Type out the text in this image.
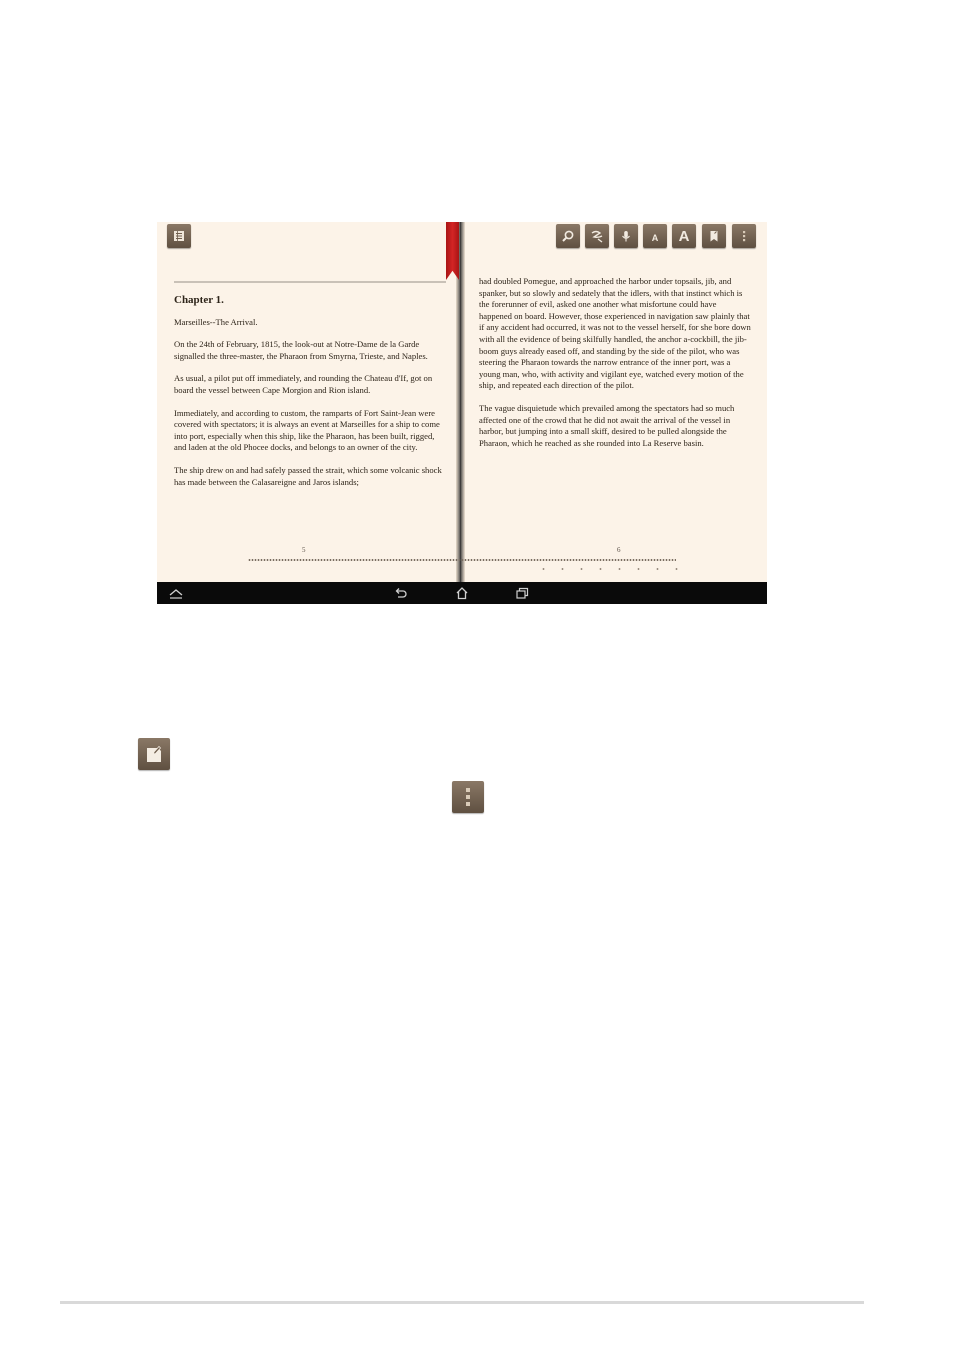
Chapter 1.

Marseilles--The Arrival.

On the 24th of February, 1815, the look-out at Notre-Dame de la Garde signalled the three-master, the Pharaon from Smyrna, Trieste, and Naples.

As usual, a pilot put off immediately, and rounding the Chateau d'If, got on board the vessel between Cape Morgion and Rion island.

Immediately, and according to custom, the ramparts of Fort Saint-Jean were covered with spectators; it is always an event at Marseilles for a ship to come into port, especially when this ship, like the Pharaon, has been built, rigged, and laden at the old Phocee docks, and belongs to an owner of the city.

The ship drew on and had safely passed the strait, which some volcanic shock has made between the Calasareigne and Jaros islands;

5

had doubled Pomegue, and approached the harbor under topsails, jib, and spanker, but so slowly and sedately that the idlers, with that instinct which is the forerunner of evil, asked one another what misfortune could have happened on board. However, those experienced in navigation saw plainly that if any accident had occurred, it was not to the vessel herself, for she bore down with all the evidence of being skilfully handled, the anchor a-cockbill, the jib-boom guys already eased off, and standing by the side of the pilot, who was steering the Pharaon towards the narrow entrance of the inner port, was a young man, who, with activity and vigilant eye, watched every motion of the ship, and repeated each direction of the pilot.

The vague disquietude which prevailed among the spectators had so much affected one of the crowd that he did not await the arrival of the vessel in harbor, but jumping into a small skiff, desired to be pulled alongside the Pharaon, which he reached as she rounded into La Reserve basin.

6
A A
